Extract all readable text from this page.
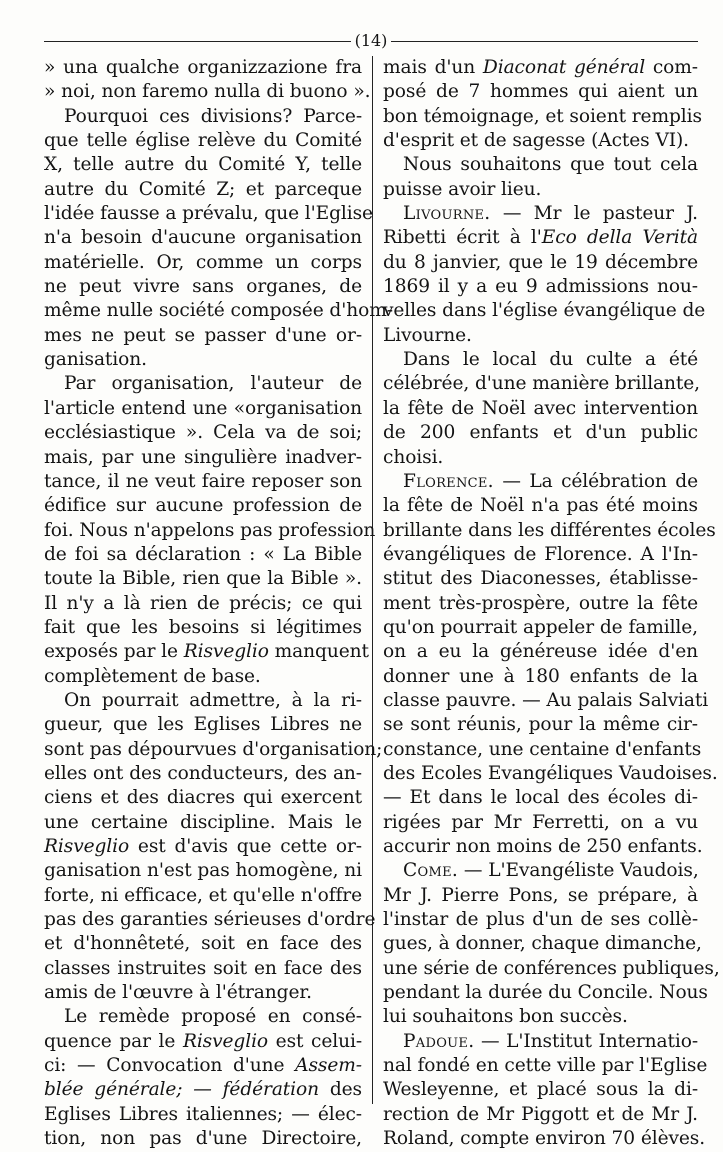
(14)
» una qualche organizzazione fra
» noi, non faremo nulla di buono ».
Pourquoi ces divisions? Parce-
que telle église relève du Comité
X, telle autre du Comité Y, telle
autre du Comité Z; et parceque
l'idée fausse a prévalu, que l'Eglise
n'a besoin d'aucune organisation
matérielle. Or, comme un corps
ne peut vivre sans organes, de
même nulle société composée d'hom-
mes ne peut se passer d'une or-
ganisation.
Par organisation, l'auteur de
l'article entend une «organisation
ecclésiastique ». Cela va de soi;
mais, par une singulière inadver-
tance, il ne veut faire reposer son
édifice sur aucune profession de
foi. Nous n'appelons pas profession
de foi sa déclaration : « La Bible
toute la Bible, rien que la Bible ».
Il n'y a là rien de précis; ce qui
fait que les besoins si légitimes
exposés par le Risveglio manquent
complètement de base.
On pourrait admettre, à la ri-
gueur, que les Eglises Libres ne
sont pas dépourvues d'organisation;
elles ont des conducteurs, des an-
ciens et des diacres qui exercent
une certaine discipline. Mais le
Risveglio est d'avis que cette or-
ganisation n'est pas homogène, ni
forte, ni efficace, et qu'elle n'offre
pas des garanties sérieuses d'ordre
et d'honnêteté, soit en face des
classes instruites soit en face des
amis de l'œuvre à l'étranger.
Le remède proposé en consé-
quence par le Risveglio est celui-
ci: — Convocation d'une Assem-
blée générale; — fédération des
Eglises Libres italiennes; — élec-
tion, non pas d'une Directoire,
mais d'un Diaconat général com-
posé de 7 hommes qui aient un
bon témoignage, et soient remplis
d'esprit et de sagesse (Actes VI).
Nous souhaitons que tout cela
puisse avoir lieu.
Livourne. — Mr le pasteur J.
Ribetti écrit à l'Eco della Verità
du 8 janvier, que le 19 décembre
1869 il y a eu 9 admissions nou-
velles dans l'église évangélique de
Livourne.
Dans le local du culte a été
célébrée, d'une manière brillante,
la fête de Noël avec intervention
de 200 enfants et d'un public
choisi.
Florence. — La célébration de
la fête de Noël n'a pas été moins
brillante dans les différentes écoles
évangéliques de Florence. A l'In-
stitut des Diaconesses, établisse-
ment très-prospère, outre la fête
qu'on pourrait appeler de famille,
on a eu la généreuse idée d'en
donner une à 180 enfants de la
classe pauvre. — Au palais Salviati
se sont réunis, pour la même cir-
constance, une centaine d'enfants
des Ecoles Evangéliques Vaudoises.
— Et dans le local des écoles di-
rigées par Mr Ferretti, on a vu
accurir non moins de 250 enfants.
Come. — L'Evangéliste Vaudois,
Mr J. Pierre Pons, se prépare, à
l'instar de plus d'un de ses collè-
gues, à donner, chaque dimanche,
une série de conférences publiques,
pendant la durée du Concile. Nous
lui souhaitons bon succès.
Padoue. — L'Institut Internatio-
nal fondé en cette ville par l'Eglise
Wesleyenne, et placé sous la di-
rection de Mr Piggott et de Mr J.
Roland, compte environ 70 élèves.
